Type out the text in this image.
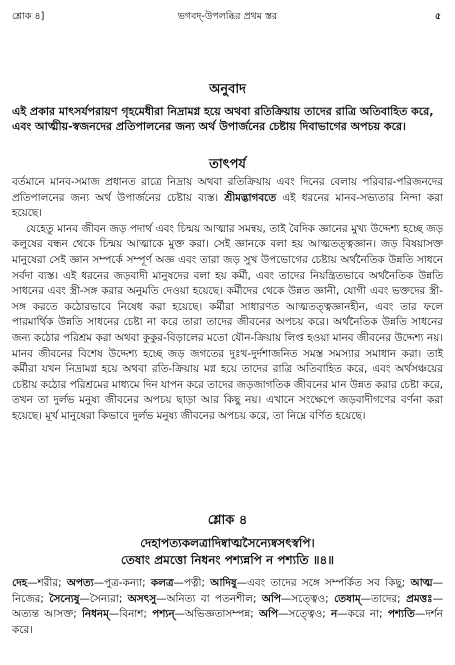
শ্লোক ৪]	ভগবদ্-উপলব্ধির প্রথম স্তর	৫
অনুবাদ
এই প্রকার মাৎসর্যপরায়ণ গৃহমেধীরা নিদ্রামগ্ন হয়ে অথবা রতিক্রিয়ায় তাদের রাত্রি অতিবাহিত করে, এবং আত্মীয়-স্বজনদের প্রতিপালনের জন্য অর্থ উপার্জনের চেষ্টায় দিবাভাগের অপচয় করে।
তাৎপর্য

বর্তমানে মানব-সমাজ প্রধানত রাত্রে নিদ্রায় অথবা রতিক্রিয়ায় এবং দিনের বেলায় পরিবার-পরিজনদের প্রতিপালনের জন্য অর্থ উপার্জনের চেষ্টায় ব্যস্ত। শ্রীমদ্ভাগবতে এই ধরনের মানব-সভ্যতার নিন্দা করা হয়েছে।

যেহেতু মানব জীবন জড় পদার্থ এবং চিন্ময় আত্মার সমন্বয়, তাই বৈদিক জ্ঞানের মুখ্য উদ্দেশ্য হচ্ছে জড় কলুষের বন্ধন থেকে চিন্ময় আত্মাকে মুক্ত করা। সেই জ্ঞানকে বলা হয় আত্মতত্ত্বজ্ঞান। জড় বিষয়াসক্ত মানুষেরা সেই জ্ঞান সম্পর্কে সম্পূর্ণ অজ্ঞ এবং তারা জড় সুখ উপভোগের চেষ্টায় অর্থনৈতিক উন্নতি সাধনে সর্বদা ব্যস্ত। এই ধরনের জড়বাদী মানুষদের বলা হয় কর্মী, এবং তাদের নিয়ন্ত্রিতভাবে অর্থনৈতিক উন্নতি সাধনের এবং স্ত্রী-সঙ্গ করার অনুমতি দেওয়া হয়েছে। কর্মীদের থেকে উন্নত জ্ঞানী, যোগী এবং ভক্তদের স্ত্রী-সঙ্গ করতে কঠোরভাবে নিষেধ করা হয়েছে। কর্মীরা সাধারণত আত্মতত্ত্বজ্ঞানহীন, এবং তার ফলে পারমার্থিক উন্নতি সাধনের চেষ্টা না করে তারা তাদের জীবনের অপচয় করে। অর্থনৈতিক উন্নতি সাধনের জন্য কঠোর পরিশ্রম করা অথবা কুকুর-বিড়ালের মতো যৌন-ক্রিয়ায় লিপ্ত হওয়া মানব জীবনের উদ্দেশ্য নয়। মানব জীবনের বিশেষ উদ্দেশ্য হচ্ছে জড় জগতের দুঃখ-দুর্দশাজনিত সমস্ত সমস্যার সমাধান করা। তাই কর্মীরা যখন নিদ্রামগ্ন হয়ে অথবা রতি-ক্রিয়ায় মগ্ন হয়ে তাদের রাত্রি অতিবাহিত করে, এবং অর্থসঞ্চয়ের চেষ্টায় কঠোর পরিশ্রমের মাধ্যমে দিন যাপন করে তাদের জড়জাগতিক জীবনের মান উন্নত করার চেষ্টা করে, তখন তা দুর্লভ মনুষ্য জীবনের অপচয় ছাড়া আর কিছু নয়। এখানে সংক্ষেপে জড়বাদীগণের বর্ণনা করা হয়েছে। মূর্খ মানুষেরা কিভাবে দুর্লভ মনুষ্য জীবনের অপচয় করে, তা নিম্নে বর্ণিত হয়েছে।

শ্লোক ৪
দেহাপত্যকলত্রাদিষ্বাত্মসৈন্যেষ্বসৎস্বপি।
তেষাং প্রমত্তো নিধনং পশ্যন্নপি ন পশ্যতি ॥৪॥
দেহ—শরীর; অপত্য—পুত্র-কন্যা; কলত্র—পত্নী; আদিষু—এবং তাদের সঙ্গে সম্পর্কিত সব কিছু; আত্ম—নিজের; সৈন্যেষু—সৈন্যরা; অসৎসু—অনিত্য বা পতনশীল; অপি—সত্ত্বেও; তেষাম্—তাদের; প্রমত্তঃ—অত্যন্ত আসক্ত; নিধনম্—বিনাশ; পশ্যন্—অভিজ্ঞতাসম্পন্ন; অপি—সত্ত্বেও; ন—করে না; পশ্যতি—দর্শন করে।
